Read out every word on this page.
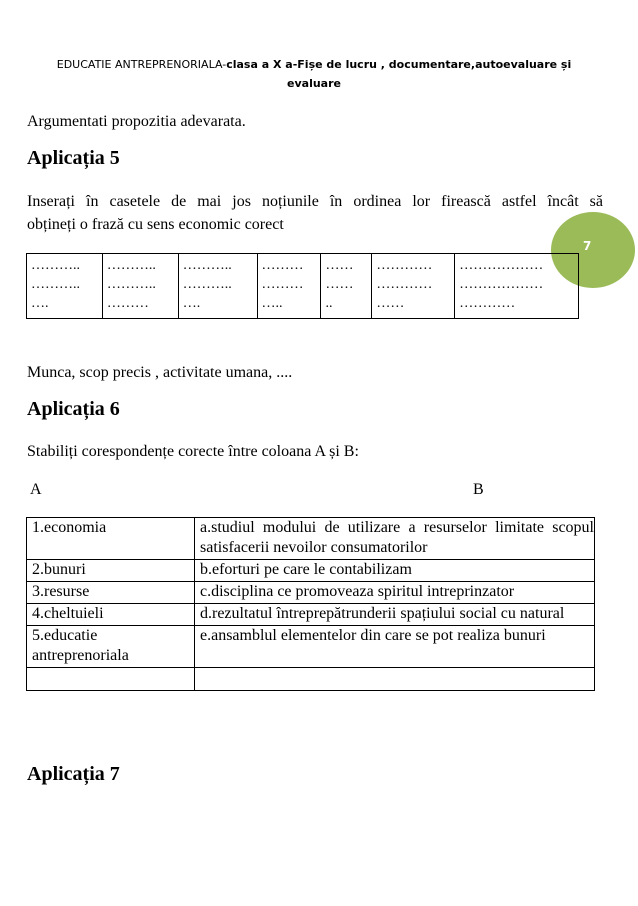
EDUCATIE ANTREPRENORIALA-clasa a X a-Fișe de lucru , documentare,autoevaluare și
evaluare
7
Argumentati propozitia adevarata.
Aplicația 5
Inserați în casetele de mai jos noțiunile în ordinea lor firească astfel încât să
obțineți o frază cu sens economic corect
………..
………..
….

………..
………..
………

………..
………..
….

………
………
…..

……
……
..

…………
…………
……

………………
………………
…………
Munca, scop precis , activitate umana, ....
Aplicația 6
Stabiliți corespondențe corecte între coloana A și B:
A	B
1.economia	a.studiul modului de utilizare a resurselor limitate scopul satisfacerii nevoilor consumatorilor
2.bunuri	b.eforturi pe care le contabilizam
3.resurse	c.disciplina ce promoveaza spiritul intreprinzator
4.cheltuieli	d.rezultatul întreprepătrunderii spațiului social cu natural
5.educatie antreprenoriala	e.ansamblul elementelor din care se pot realiza bunuri

Aplicația 7
